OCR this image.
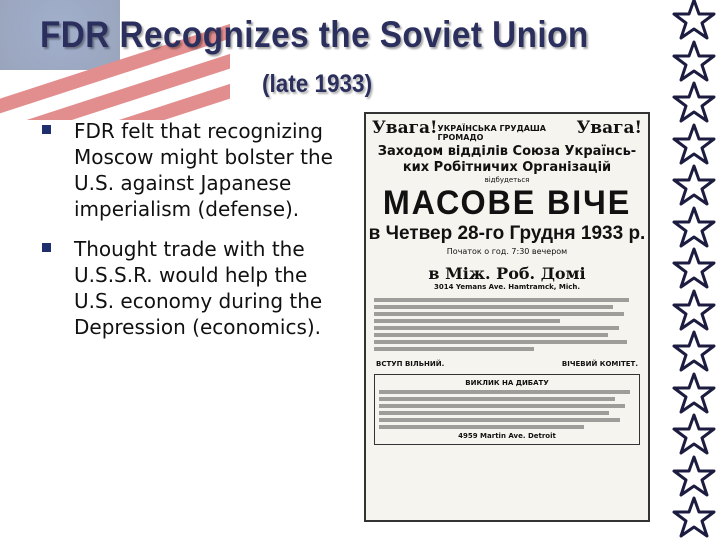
FDR Recognizes the Soviet Union
(late 1933)
FDR felt that recognizing Moscow might bolster the U.S. against Japanese imperialism (defense).
Thought trade with the U.S.S.R. would help the U.S. economy during the Depression (economics).
Увага! УКРАЇНСЬКА ГРУДАША ГРОМАДО	Увага!
Заходом відділів Союза Українсь-ких Робітничих Організацій
відбудеться
МАСОВЕ ВІЧЕ
в Четвер 28-го Грудня 1933 р.
Початок о год. 7:30 вечером
в Між. Роб. Домі
3014 Yemans Ave. Hamtramck, Mich.
ВСТУП ВІЛЬНИЙ.	ВІЧЕВИЙ КОМІТЕТ.
ВИКЛИК НА ДИБАТУ
4959 Martin Ave. Detroit
